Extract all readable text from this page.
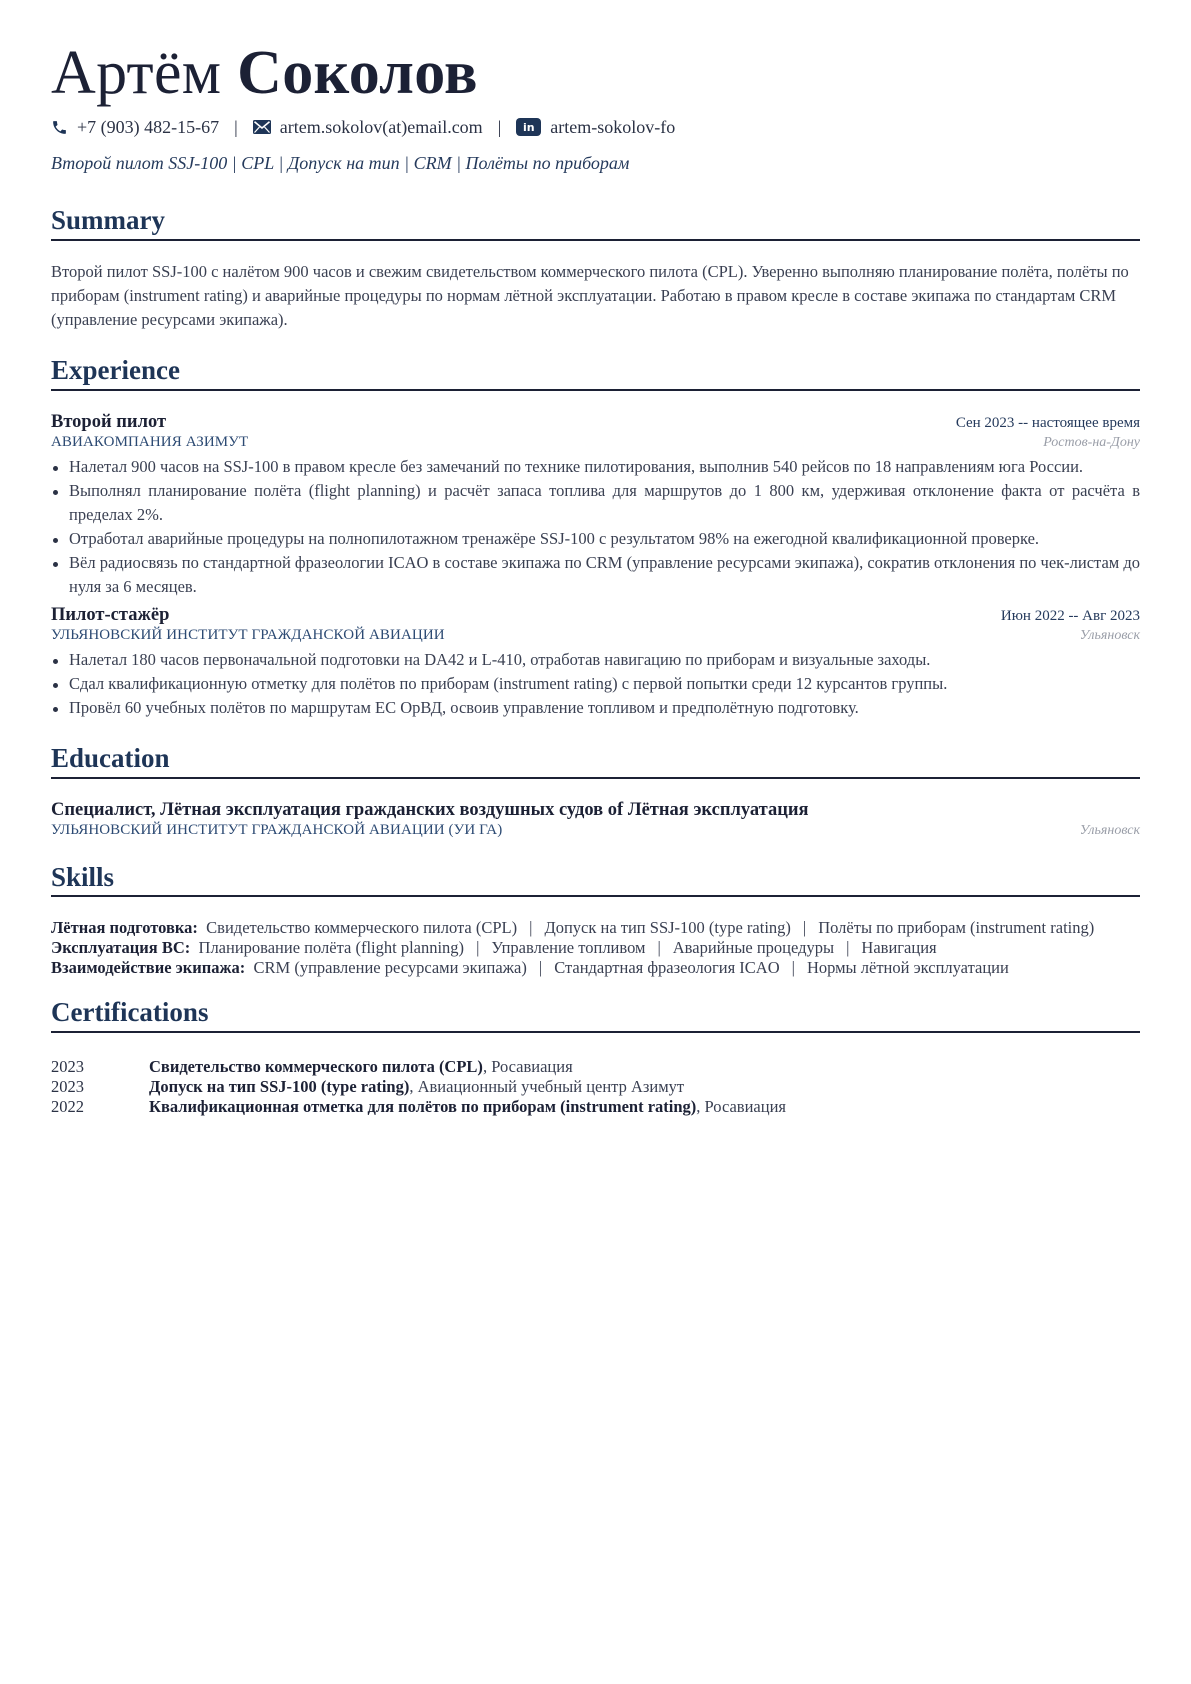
Артём Соколов
+7 (903) 482-15-67 | artem.sokolov(at)email.com |	in artem-sokolov-fo
Второй пилот SSJ-100 | CPL | Допуск на тип | CRM | Полёты по приборам
Summary

Второй пилот SSJ-100 с налётом 900 часов и свежим свидетельством коммерческого пилота (CPL). Уверенно выполняю планирование полёта, полёты по приборам (instrument rating) и аварийные процедуры по нормам лётной эксплуатации. Работаю в правом кресле в составе экипажа по стандартам CRM (управление ресурсами экипажа).

Experience
Второй пилот	Сен 2023 -- настоящее время
АВИАКОМПАНИЯ АЗИМУТ	Ростов-на-Дону
Налетал 900 часов на SSJ-100 в правом кресле без замечаний по технике пилотирования, выполнив 540 рейсов по 18 направлениям юга России.
Выполнял планирование полёта (flight planning) и расчёт запаса топлива для маршрутов до 1 800 км, удерживая отклонение факта от расчёта в пределах 2%.
Отработал аварийные процедуры на полнопилотажном тренажёре SSJ-100 с результатом 98% на ежегодной квалификационной проверке.
Вёл радиосвязь по стандартной фразеологии ICAO в составе экипажа по CRM (управление ресурсами экипажа), сократив отклонения по чек-листам до нуля за 6 месяцев.
Пилот-стажёр	Июн 2022 -- Авг 2023
УЛЬЯНОВСКИЙ ИНСТИТУТ ГРАЖДАНСКОЙ АВИАЦИИ	Ульяновск
Налетал 180 часов первоначальной подготовки на DA42 и L-410, отработав навигацию по приборам и визуальные заходы.
Сдал квалификационную отметку для полётов по приборам (instrument rating) с первой попытки среди 12 курсантов группы.
Провёл 60 учебных полётов по маршрутам ЕС ОрВД, освоив управление топливом и предполётную подготовку.
Education
Специалист, Лётная эксплуатация гражданских воздушных судов of Лётная эксплуатация
УЛЬЯНОВСКИЙ ИНСТИТУТ ГРАЖДАНСКОЙ АВИАЦИИ (УИ ГА)	Ульяновск
Skills
Лётная подготовка: Свидетельство коммерческого пилота (CPL) | Допуск на тип SSJ-100 (type rating) | Полёты по приборам (instrument rating)
Эксплуатация ВС: Планирование полёта (flight planning) | Управление топливом | Аварийные процедуры | Навигация
Взаимодействие экипажа: CRM (управление ресурсами экипажа) | Стандартная фразеология ICAO | Нормы лётной эксплуатации
Certifications
2023	Свидетельство коммерческого пилота (CPL), Росавиация
2023	Допуск на тип SSJ-100 (type rating), Авиационный учебный центр Азимут
2022	Квалификационная отметка для полётов по приборам (instrument rating), Росавиация
